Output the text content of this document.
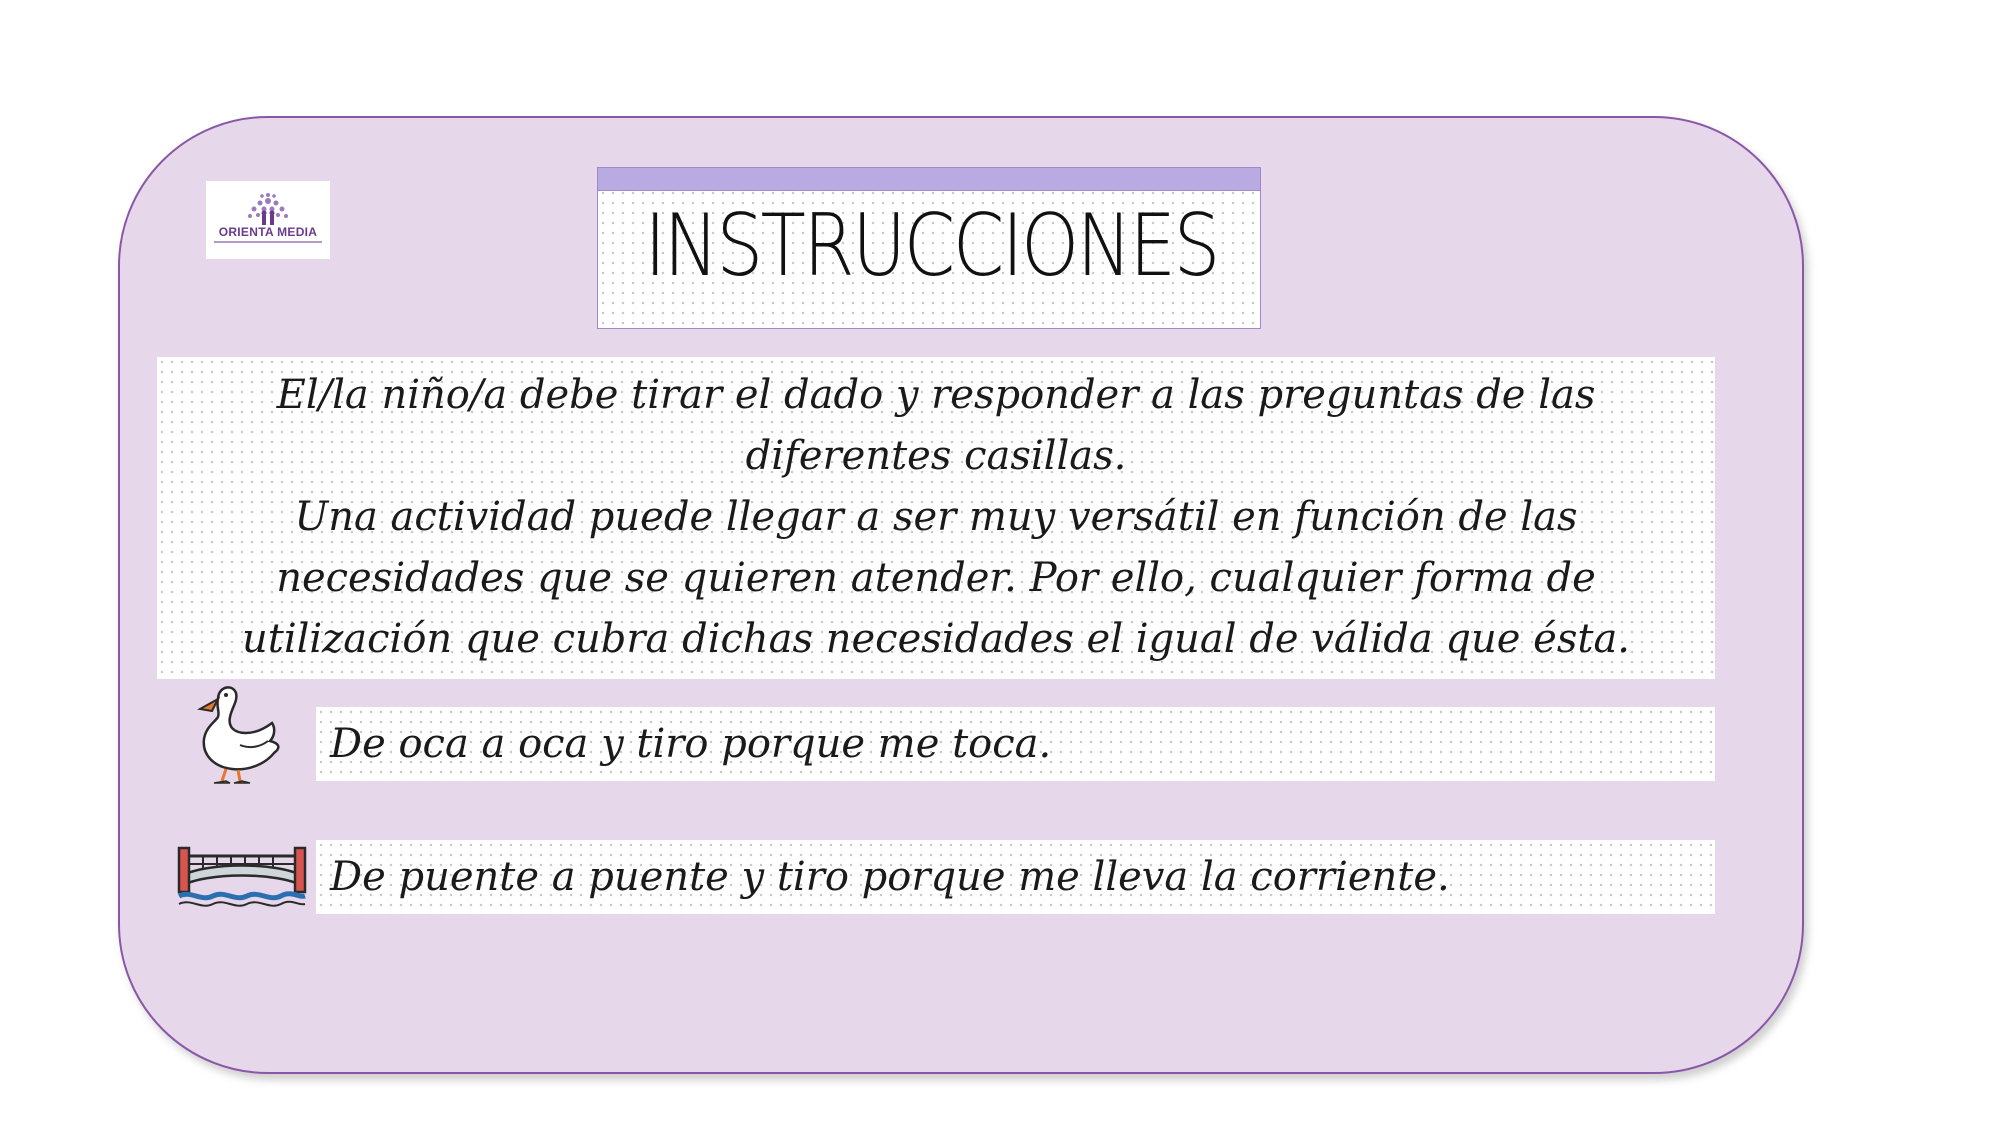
ORIENTA MEDIA	INSTRUCCIONES

El/la niño/a debe tirar el dado y responder a las preguntas de las diferentes casillas.

Una actividad puede llegar a ser muy versátil en función de las necesidades que se quieren atender. Por ello, cualquier forma de utilización que cubra dichas necesidades el igual de válida que ésta.

De oca a oca y tiro porque me toca.
De puente a puente y tiro porque me lleva la corriente.
